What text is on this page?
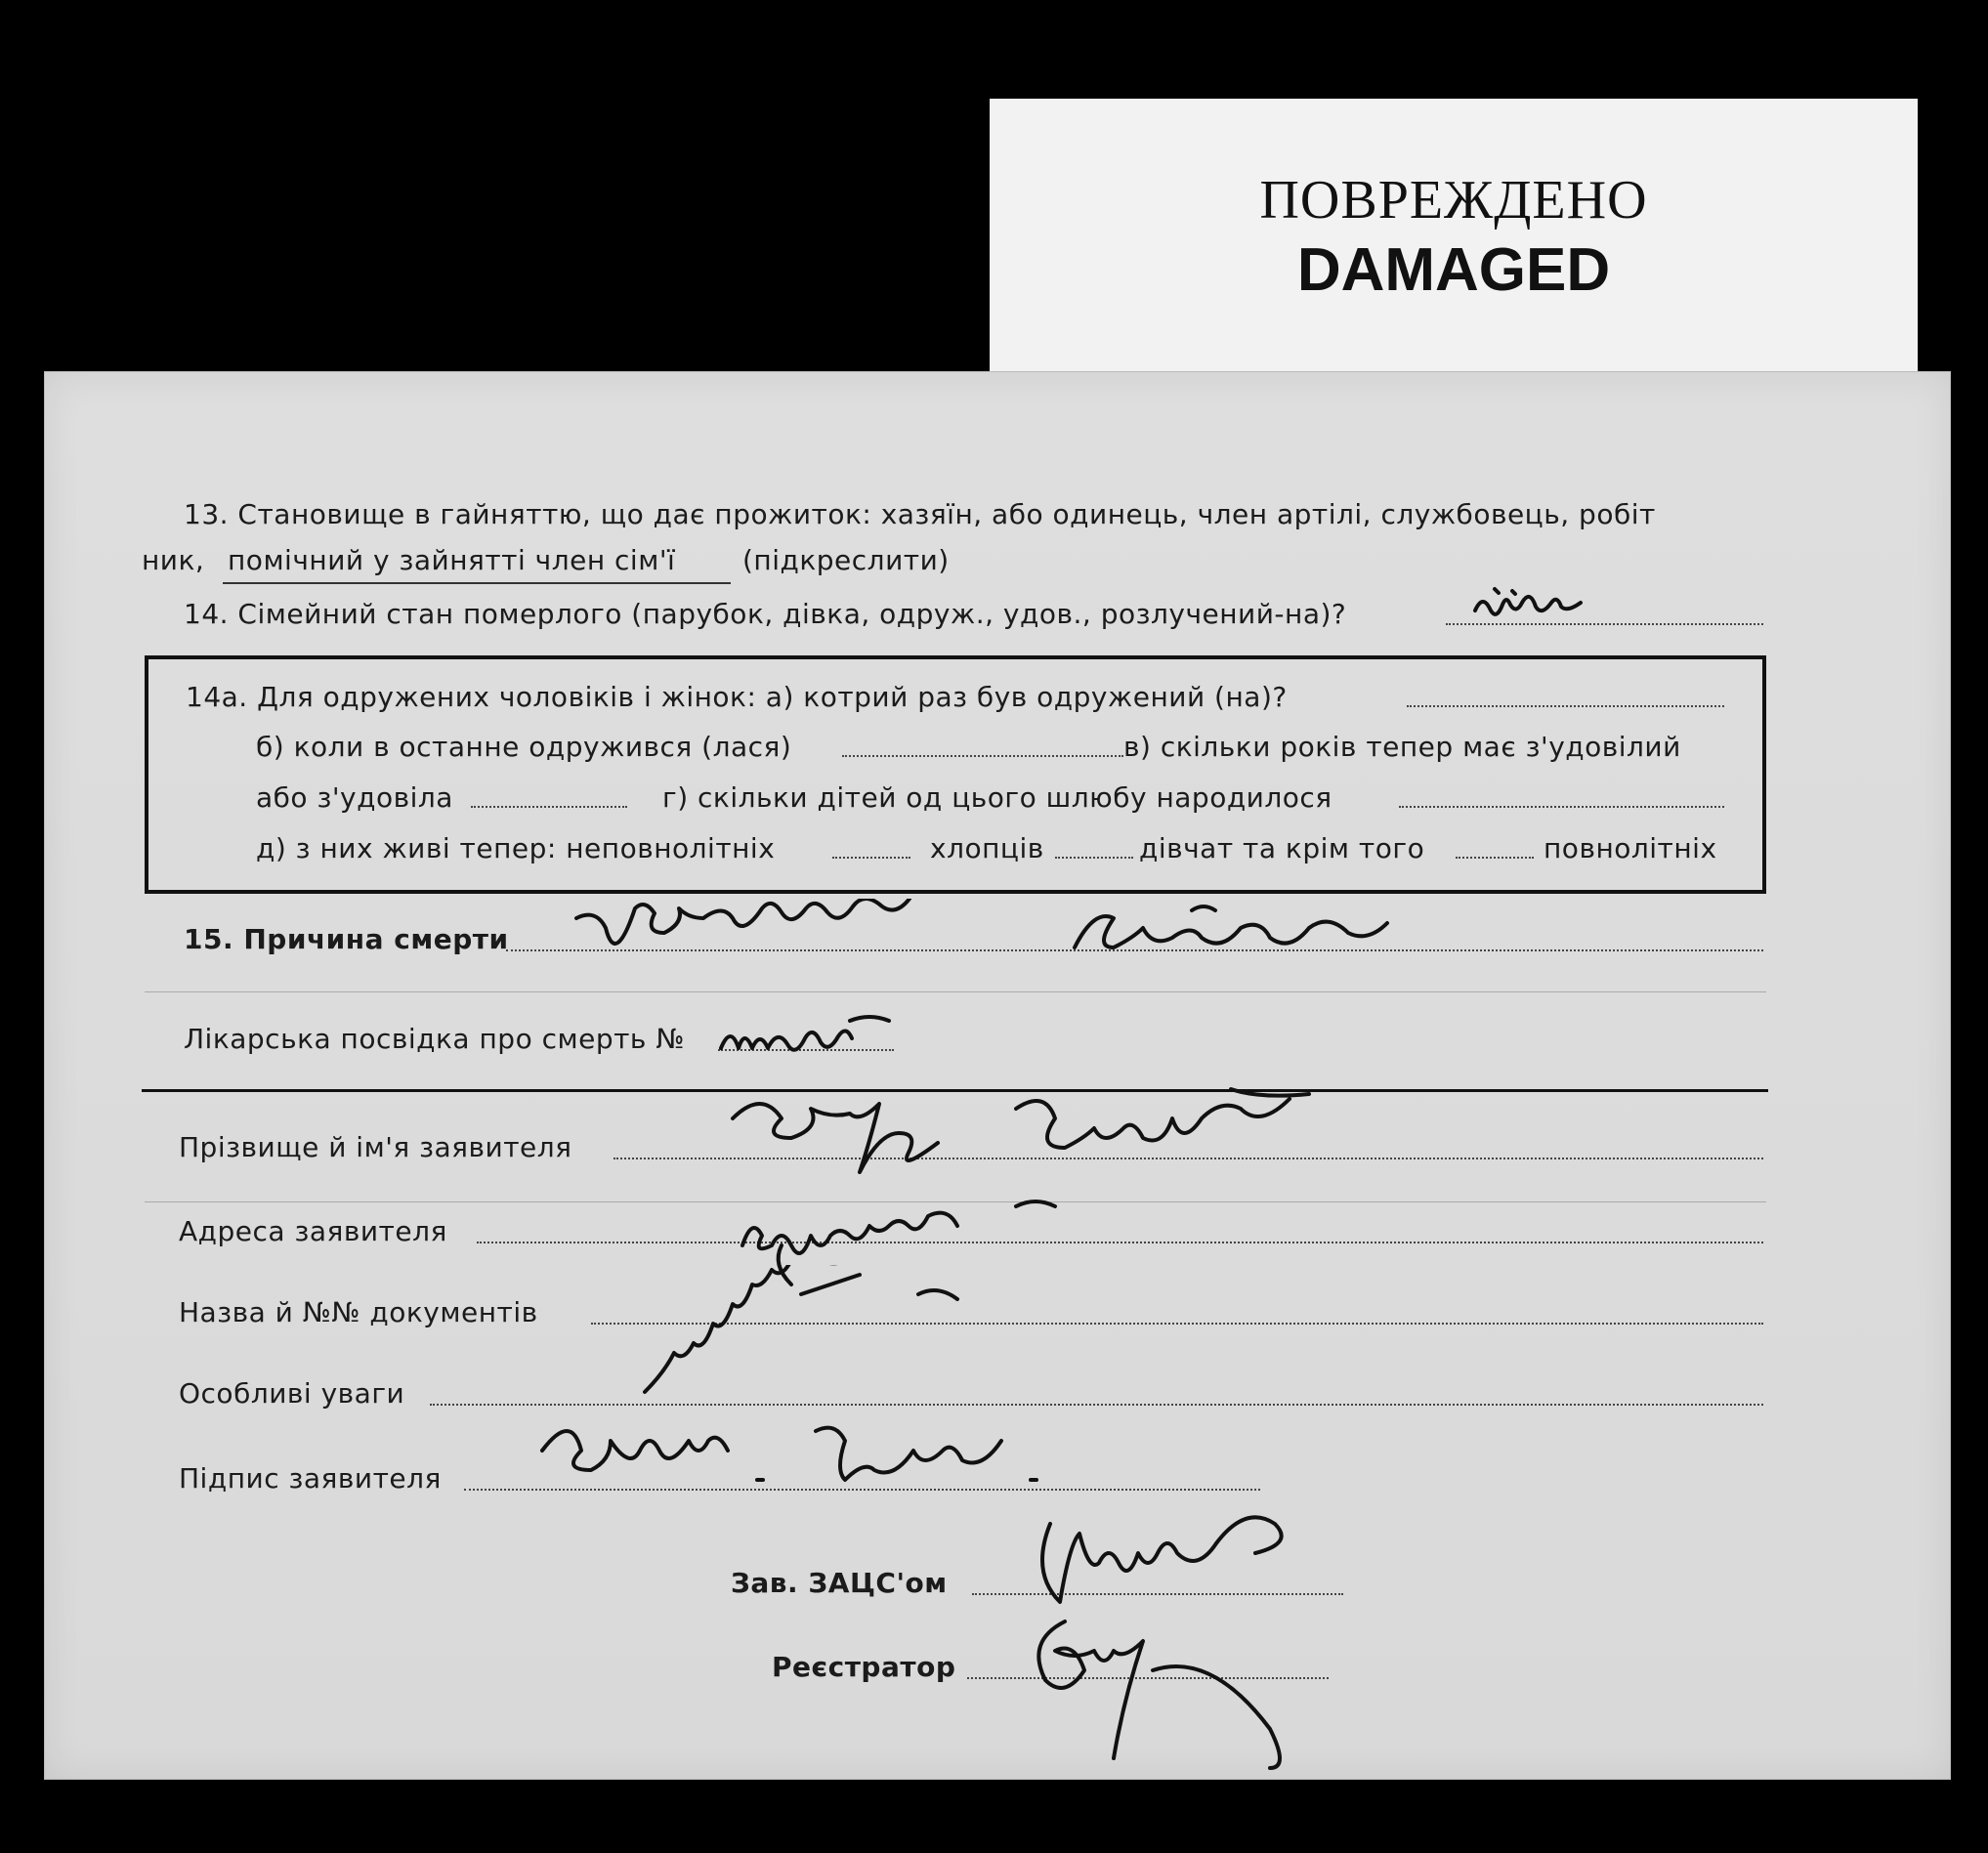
ПОВРЕЖДЕНО
DAMAGED
13. Становище в гайняттю, що дає прожиток: хазяїн, або одинець, член артілі, службовець, робіт
ник, помічний у зайнятті член сім'ї (підкреслити)
14. Сімейний стан померлого (парубок, дівка, одруж., удов., розлучений-на)?
14а. Для одружених чоловіків і жінок: а) котрий раз був одружений (на)?
б) коли в останне одружився (лася)	в) скільки років тепер має з'удовілий
або з'удовіла	г) скільки дітей од цього шлюбу народилося
д) з них живі тепер: неповнолітніх	хлопців	дівчат та крім того	повнолітніх
15. Причина смерти
Лікарська посвідка про смерть №
Прізвище й ім'я заявителя
Адреса заявителя
Назва й №№ документів
Особливі уваги
Підпис заявителя
Зав. ЗАЦС'ом
Реєстратор
